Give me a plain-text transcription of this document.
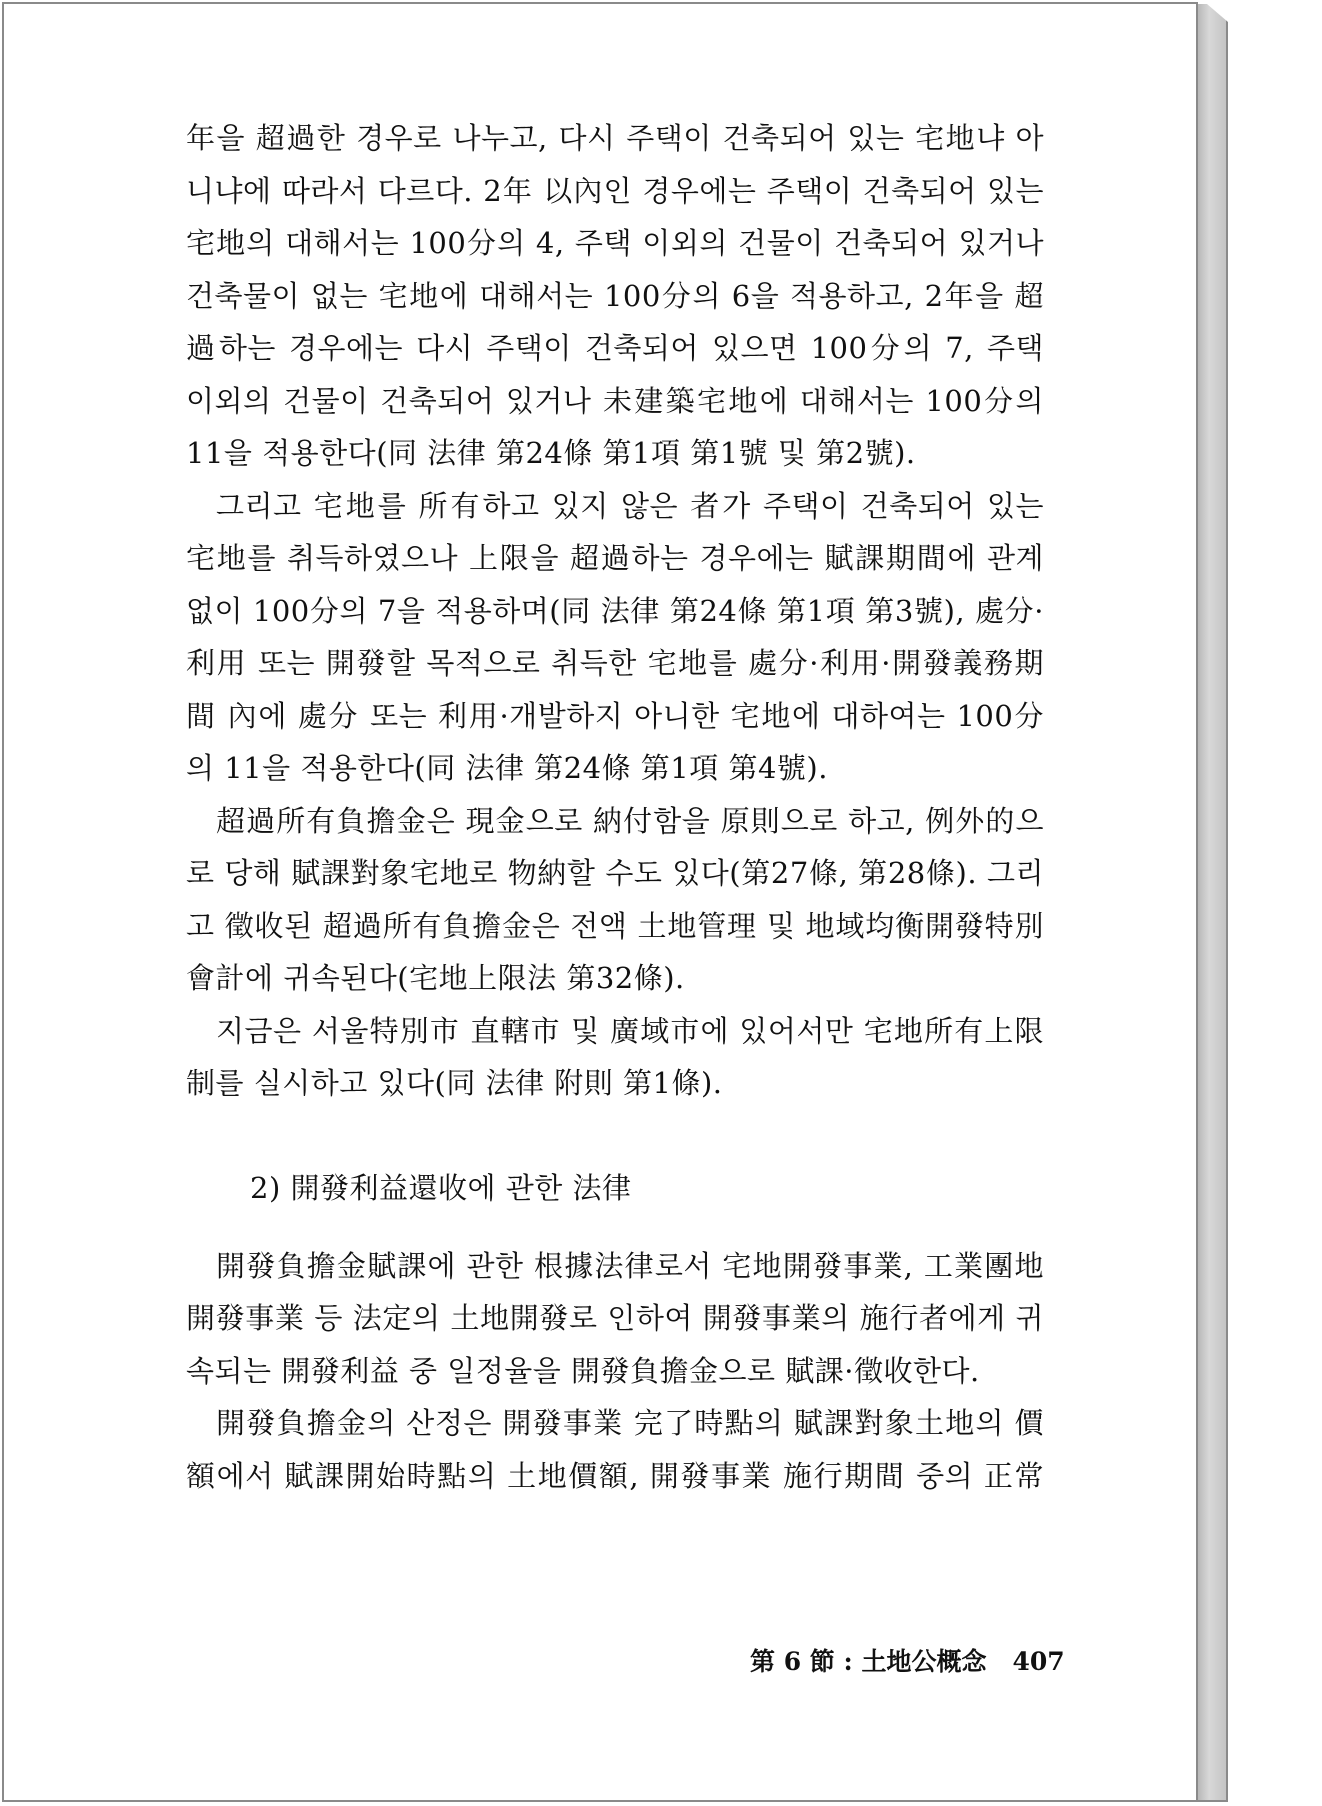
年을 超過한 경우로 나누고, 다시 주택이 건축되어 있는 宅地냐 아니냐에 따라서 다르다. 2年 以內인 경우에는 주택이 건축되어 있는 宅地의 대해서는 100分의 4, 주택 이외의 건물이 건축되어 있거나 건축물이 없는 宅地에 대해서는 100分의 6을 적용하고, 2年을 超過하는 경우에는 다시 주택이 건축되어 있으면 100分의 7, 주택 이외의 건물이 건축되어 있거나 未建築宅地에 대해서는 100分의 11을 적용한다(同 法律 第24條 第1項 第1號 및 第2號).

그리고 宅地를 所有하고 있지 않은 者가 주택이 건축되어 있는 宅地를 취득하였으나 上限을 超過하는 경우에는 賦課期間에 관계없이 100分의 7을 적용하며(同 法律 第24條 第1項 第3號), 處分·利用 또는 開發할 목적으로 취득한 宅地를 處分·利用·開發義務期間 內에 處分 또는 利用·개발하지 아니한 宅地에 대하여는 100分의 11을 적용한다(同 法律 第24條 第1項 第4號).

超過所有負擔金은 現金으로 納付함을 原則으로 하고, 例外的으로 당해 賦課對象宅地로 物納할 수도 있다(第27條, 第28條). 그리고 徵收된 超過所有負擔金은 전액 土地管理 및 地域均衡開發特別會計에 귀속된다(宅地上限法 第32條).

지금은 서울特別市 直轄市 및 廣域市에 있어서만 宅地所有上限制를 실시하고 있다(同 法律 附則 第1條).

2) 開發利益還收에 관한 法律

開發負擔金賦課에 관한 根據法律로서 宅地開發事業, 工業團地開發事業 등 法定의 土地開發로 인하여 開發事業의 施行者에게 귀속되는 開發利益 중 일정율을 開發負擔金으로 賦課·徵收한다.

開發負擔金의 산정은 開發事業 完了時點의 賦課對象土地의 價額에서 賦課開始時點의 土地價額, 開發事業 施行期間 중의 正常

第 6 節 : 土地公概念 407
